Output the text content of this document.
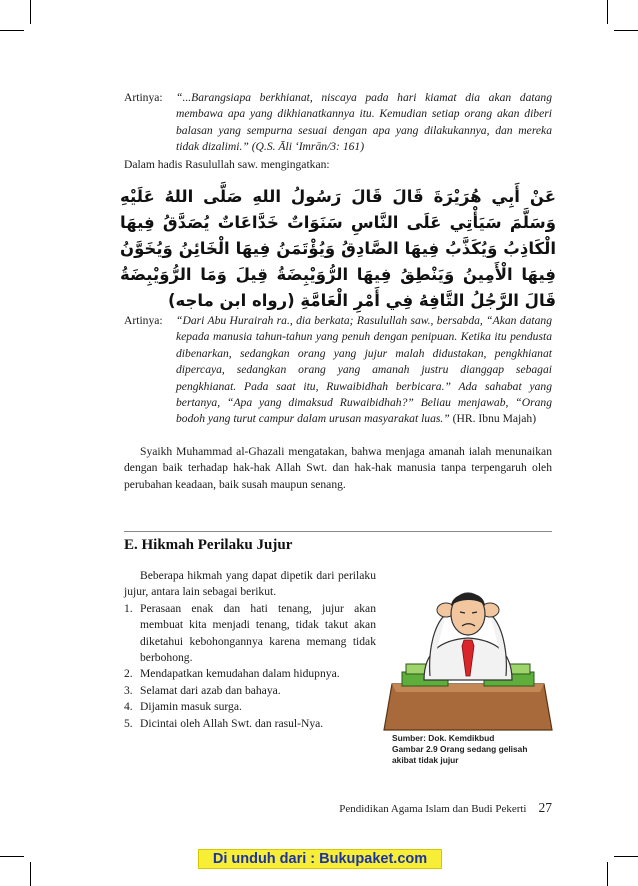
Artinya:	“...Barangsiapa berkhianat, niscaya pada hari kiamat dia akan datang membawa apa yang dikhianatkannya itu. Kemudian setiap orang akan diberi balasan yang sempurna sesuai dengan apa yang dilakukannya, dan mereka tidak dizalimi.” (Q.S. Āli ‘Imrān/3: 161)
Dalam hadis Rasulullah saw. mengingatkan:
عَنْ أَبِي هُرَيْرَةَ قَالَ قَالَ رَسُولُ اللهِ صَلَّى اللهُ عَلَيْهِ وَسَلَّمَ سَيَأْتِي عَلَى النَّاسِ سَنَوَاتٌ خَدَّاعَاتٌ يُصَدَّقُ فِيهَا الْكَاذِبُ وَيُكَذَّبُ فِيهَا الصَّادِقُ وَيُؤْتَمَنُ فِيهَا الْخَائِنُ وَيُخَوَّنُ فِيهَا الْأَمِينُ وَيَنْطِقُ فِيهَا الرُّوَيْبِضَةُ قِيلَ وَمَا الرُّوَيْبِضَةُ قَالَ الرَّجُلُ التَّافِهُ فِي أَمْرِ الْعَامَّةِ (رواه ابن ماجه)
Artinya:	“Dari Abu Hurairah ra., dia berkata; Rasulullah saw., bersabda, “Akan datang kepada manusia tahun-tahun yang penuh dengan penipuan. Ketika itu pendusta dibenarkan, sedangkan orang yang jujur malah didustakan, pengkhianat dipercaya, sedangkan orang yang amanah justru dianggap sebagai pengkhianat. Pada saat itu, Ruwaibidhah berbicara.” Ada sahabat yang bertanya, “Apa yang dimaksud Ruwaibidhah?” Beliau menjawab, “Orang bodoh yang turut campur dalam urusan masyarakat luas.” (HR. Ibnu Majah)
Syaikh Muhammad al-Ghazali mengatakan, bahwa menjaga amanah ialah menunaikan dengan baik terhadap hak-hak Allah Swt. dan hak-hak manusia tanpa terpengaruh oleh perubahan keadaan, baik susah maupun senang.
E. Hikmah Perilaku Jujur
Beberapa hikmah yang dapat dipetik dari perilaku jujur, antara lain sebagai berikut.
1. Perasaan enak dan hati tenang, jujur akan membuat kita menjadi tenang, tidak takut akan diketahui kebohongannya karena memang tidak berbohong.
2. Mendapatkan kemudahan dalam hidupnya.
3. Selamat dari azab dan bahaya.
4. Dijamin masuk surga.
5. Dicintai oleh Allah Swt. dan rasul-Nya.
Sumber: Dok. Kemdikbud
Gambar 2.9 Orang sedang gelisah
akibat tidak jujur
Pendidikan Agama Islam dan Budi Pekerti 27
Di unduh dari : Bukupaket.com
